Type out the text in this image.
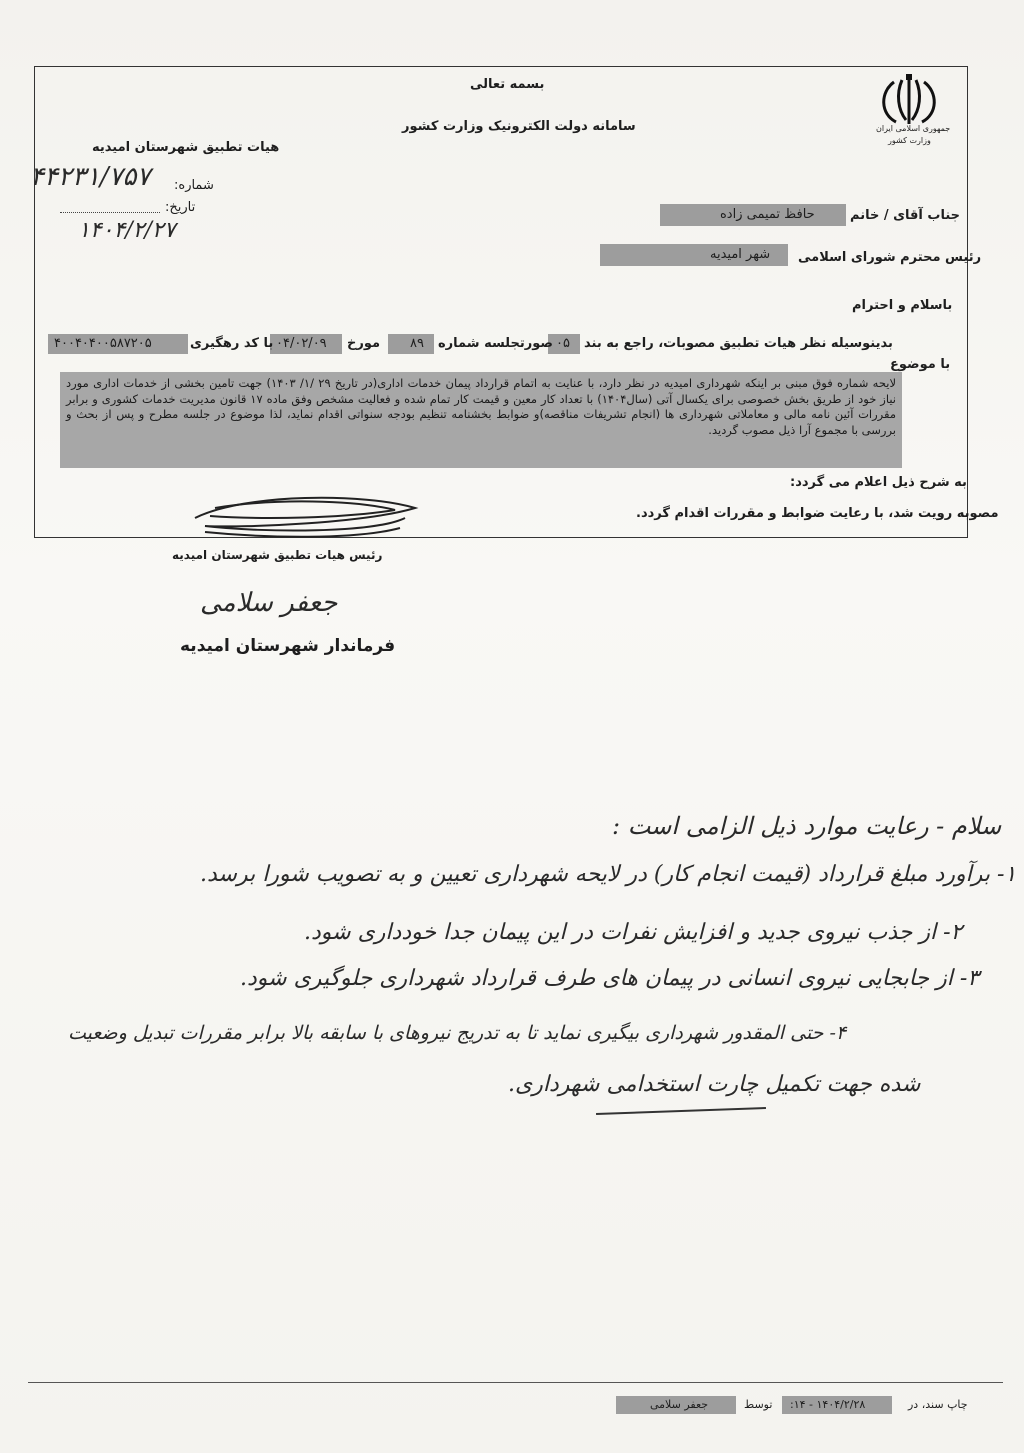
جمهوری اسلامی ایران
وزارت کشور
بسمه تعالی
سامانه دولت الکترونیک وزارت کشور
هیات تطبیق شهرستان امیدیه
۴۴۲۳۱/۷۵۷ شماره:
تاریخ:
۱۴۰۴/۲/۲۷
جناب آقای / خانم
حافظ تمیمی زاده
رئیس محترم شورای اسلامی
شهر امیدیه
باسلام و احترام
بدینوسیله نظر هیات تطبیق مصوبات، راجع به بند
۰۵
صورتجلسه شماره
۸۹
مورخ
۰۴/۰۲/۰۹
با کد رهگیری
۴۰۰۴۰۴۰۰۵۸۷۲۰۵
با موضوع
لایحه شماره فوق مبنی بر اینکه شهرداری امیدیه در نظر دارد، با عنایت به اتمام قرارداد پیمان خدمات اداری(در تاریخ ۲۹ /۱/ ۱۴۰۳) جهت تامین بخشی از خدمات اداری مورد نیاز خود از طریق بخش خصوصی برای یکسال آتی (سال۱۴۰۴) با تعداد کار معین و قیمت کار تمام شده و فعالیت مشخص وفق ماده ۱۷ قانون مدیریت خدمات کشوری و برابر مقررات آئین نامه مالی و معاملاتی شهرداری ها (انجام تشریفات مناقصه)و ضوابط بخشنامه تنظیم بودجه سنواتی اقدام نماید، لذا موضوع در جلسه مطرح و پس از بحث و بررسی با مجموع آرا ذیل مصوب گردید.
به شرح ذیل اعلام می گردد:
مصوبه رویت شد، با رعایت ضوابط و مقررات اقدام گردد.
رئیس هیات تطبیق شهرستان امیدیه
جعفر سلامی
فرماندار شهرستان امیدیه
سلام - رعایت موارد ذیل الزامی است :
۱- برآورد مبلغ قرارداد (قیمت انجام کار) در لایحه شهرداری تعیین و به تصویب شورا برسد.
۲- از جذب نیروی جدید و افزایش نفرات در این پیمان جدا خودداری شود.
۳- از جابجایی نیروی انسانی در پیمان های طرف قرارداد شهرداری جلوگیری شود.
۴- حتی المقدور شهرداری بیگیری نماید تا به تدریج نیروهای با سابقه بالا برابر مقررات تبدیل وضعیت
شده جهت تکمیل چارت استخدامی شهرداری.
چاپ سند، در
۱۴۰۴/۲/۲۸ - ۱۴:
توسط
جعفر سلامی
